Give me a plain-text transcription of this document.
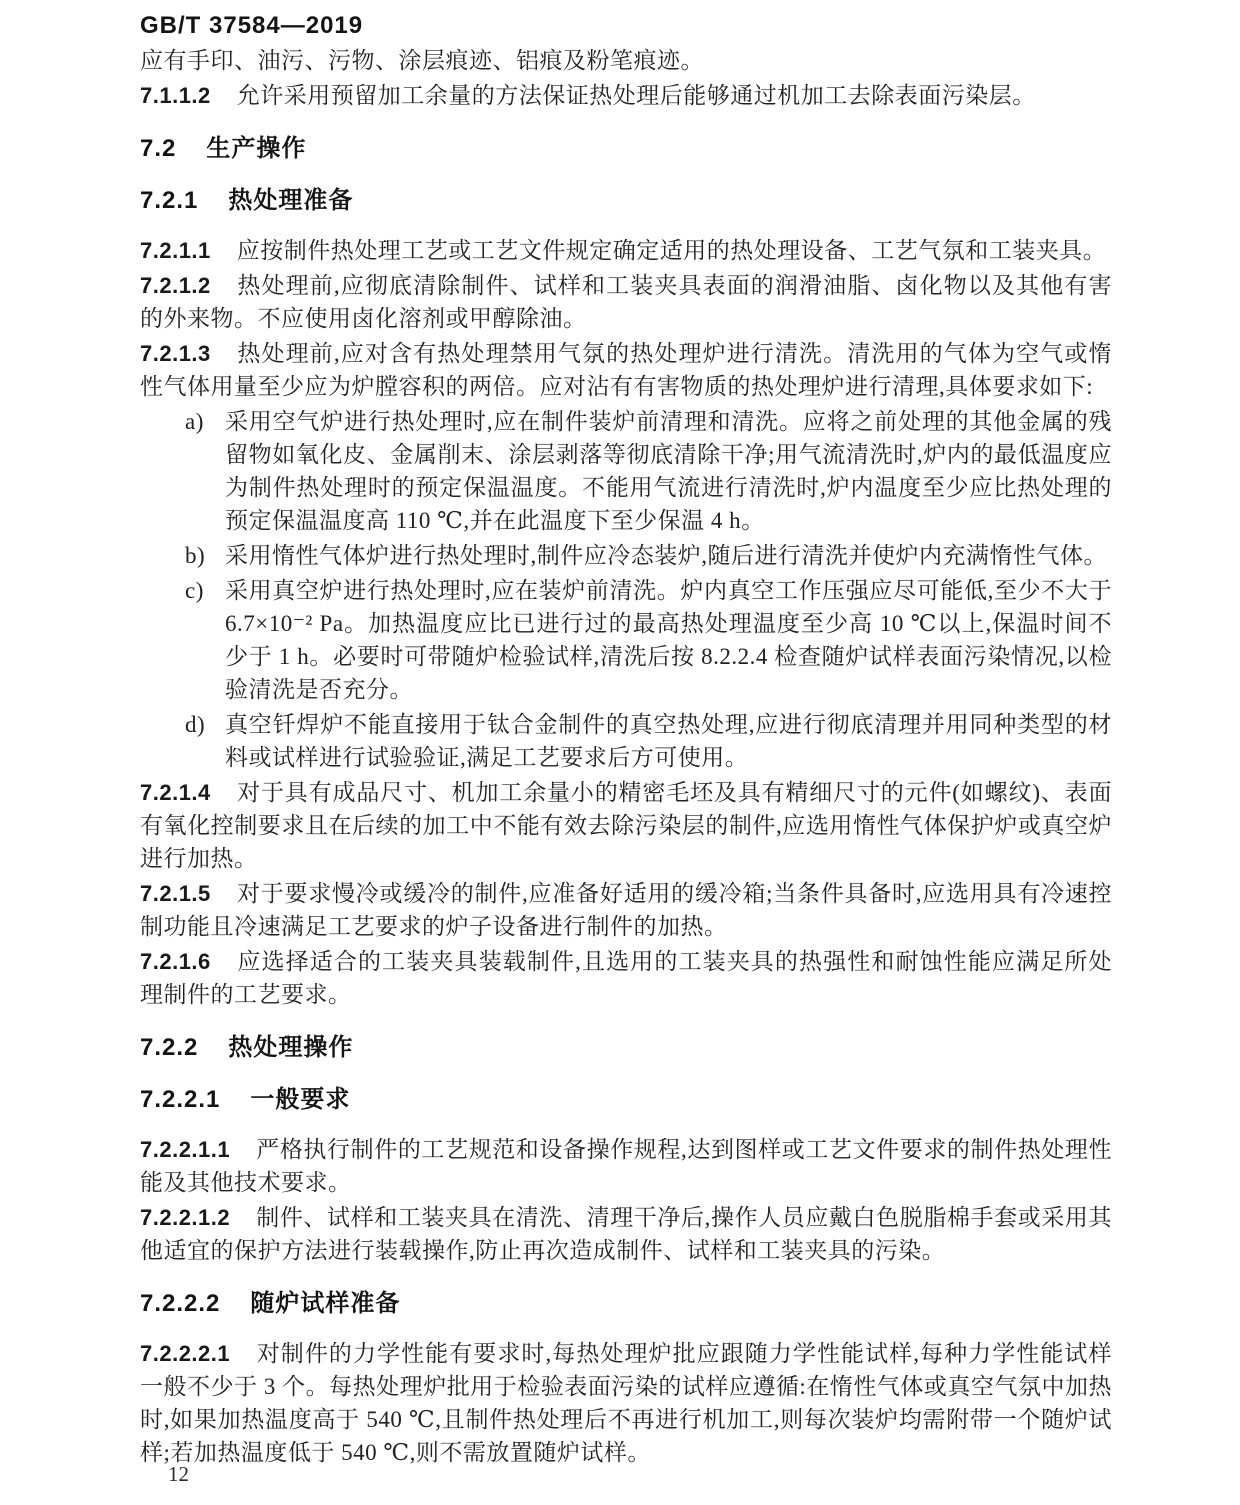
GB/T 37584—2019

应有手印、油污、污物、涂层痕迹、铝痕及粉笔痕迹。

7.1.1.2 允许采用预留加工余量的方法保证热处理后能够通过机加工去除表面污染层。

7.2 生产操作
7.2.1 热处理准备

7.2.1.1 应按制件热处理工艺或工艺文件规定确定适用的热处理设备、工艺气氛和工装夹具。

7.2.1.2 热处理前,应彻底清除制件、试样和工装夹具表面的润滑油脂、卤化物以及其他有害的外来物。不应使用卤化溶剂或甲醇除油。

7.2.1.3 热处理前,应对含有热处理禁用气氛的热处理炉进行清洗。清洗用的气体为空气或惰性气体用量至少应为炉膛容积的两倍。应对沾有有害物质的热处理炉进行清理,具体要求如下:

a) 采用空气炉进行热处理时,应在制件装炉前清理和清洗。应将之前处理的其他金属的残留物如氧化皮、金属削末、涂层剥落等彻底清除干净;用气流清洗时,炉内的最低温度应为制件热处理时的预定保温温度。不能用气流进行清洗时,炉内温度至少应比热处理的预定保温温度高 110 ℃,并在此温度下至少保温 4 h。
b) 采用惰性气体炉进行热处理时,制件应冷态装炉,随后进行清洗并使炉内充满惰性气体。
c) 采用真空炉进行热处理时,应在装炉前清洗。炉内真空工作压强应尽可能低,至少不大于 6.7×10⁻² Pa。加热温度应比已进行过的最高热处理温度至少高 10 ℃以上,保温时间不少于 1 h。必要时可带随炉检验试样,清洗后按 8.2.2.4 检查随炉试样表面污染情况,以检验清洗是否充分。
d) 真空钎焊炉不能直接用于钛合金制件的真空热处理,应进行彻底清理并用同种类型的材料或试样进行试验验证,满足工艺要求后方可使用。

7.2.1.4 对于具有成品尺寸、机加工余量小的精密毛坯及具有精细尺寸的元件(如螺纹)、表面有氧化控制要求且在后续的加工中不能有效去除污染层的制件,应选用惰性气体保护炉或真空炉进行加热。

7.2.1.5 对于要求慢冷或缓冷的制件,应准备好适用的缓冷箱;当条件具备时,应选用具有冷速控制功能且冷速满足工艺要求的炉子设备进行制件的加热。

7.2.1.6 应选择适合的工装夹具装载制件,且选用的工装夹具的热强性和耐蚀性能应满足所处理制件的工艺要求。

7.2.2 热处理操作
7.2.2.1 一般要求

7.2.2.1.1 严格执行制件的工艺规范和设备操作规程,达到图样或工艺文件要求的制件热处理性能及其他技术要求。

7.2.2.1.2 制件、试样和工装夹具在清洗、清理干净后,操作人员应戴白色脱脂棉手套或采用其他适宜的保护方法进行装载操作,防止再次造成制件、试样和工装夹具的污染。

7.2.2.2 随炉试样准备

7.2.2.2.1 对制件的力学性能有要求时,每热处理炉批应跟随力学性能试样,每种力学性能试样一般不少于 3 个。每热处理炉批用于检验表面污染的试样应遵循:在惰性气体或真空气氛中加热时,如果加热温度高于 540 ℃,且制件热处理后不再进行机加工,则每次装炉均需附带一个随炉试样;若加热温度低于 540 ℃,则不需放置随炉试样。

12
